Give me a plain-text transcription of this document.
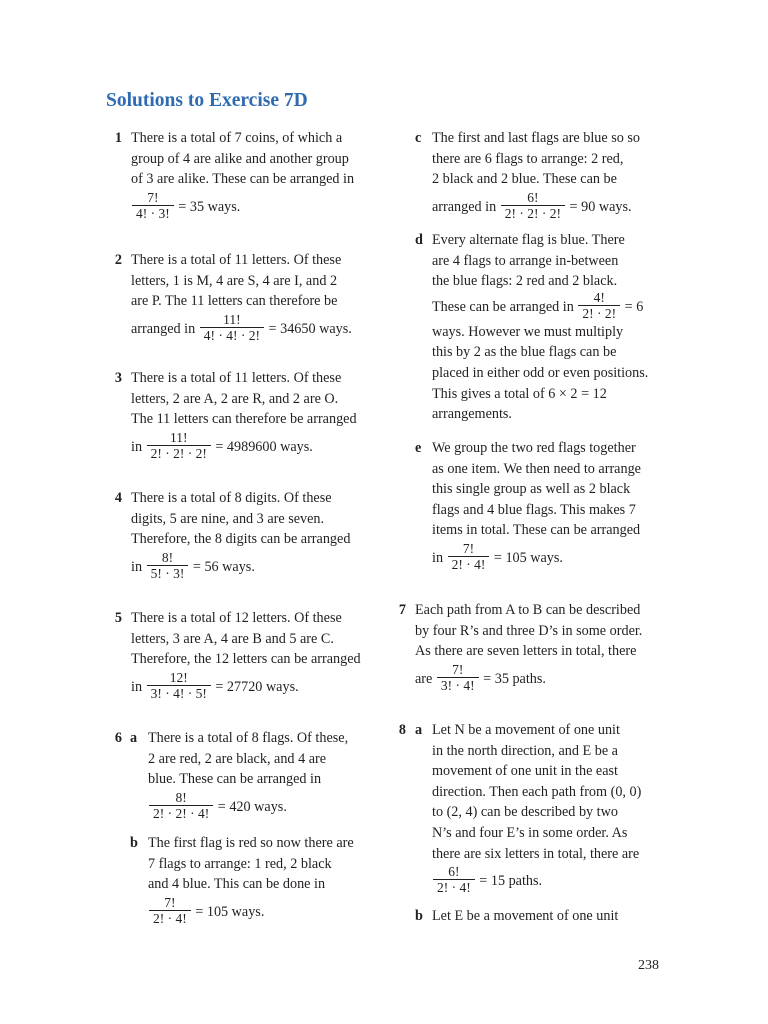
Solutions to Exercise 7D
1 There is a total of 7 coins, of which a
group of 4 are alike and another group
of 3 are alike. These can be arranged in
$\frac{7!}{4! \cdot 3!} = 35$ ways.
2 There is a total of 11 letters. Of these
letters, 1 is M, 4 are S, 4 are I, and 2
are P. The 11 letters can therefore be
arranged in $\frac{11!}{4! \cdot 4! \cdot 2!} = 34650$ ways.
3 There is a total of 11 letters. Of these
letters, 2 are A, 2 are R, and 2 are O.
The 11 letters can therefore be arranged
in $\frac{11!}{2! \cdot 2! \cdot 2!} = 4989600$ ways.
4 There is a total of 8 digits. Of these
digits, 5 are nine, and 3 are seven.
Therefore, the 8 digits can be arranged
in $\frac{8!}{5! \cdot 3!} = 56$ ways.
5 There is a total of 12 letters. Of these
letters, 3 are A, 4 are B and 5 are C.
Therefore, the 12 letters can be arranged
in $\frac{12!}{3! \cdot 4! \cdot 5!} = 27720$ ways.
6 a There is a total of 8 flags. Of these,
2 are red, 2 are black, and 4 are
blue. These can be arranged in
$\frac{8!}{2! \cdot 2! \cdot 4!} = 420$ ways.
b The first flag is red so now there are
7 flags to arrange: 1 red, 2 black
and 4 blue. This can be done in
$\frac{7!}{2! \cdot 4!} = 105$ ways.
c The first and last flags are blue so so
there are 6 flags to arrange: 2 red,
2 black and 2 blue. These can be
arranged in $\frac{6!}{2! \cdot 2! \cdot 2!} = 90$ ways.
d Every alternate flag is blue. There
are 4 flags to arrange in-between
the blue flags: 2 red and 2 black.
These can be arranged in $\frac{4!}{2! \cdot 2!} = 6$
ways. However we must multiply
this by 2 as the blue flags can be
placed in either odd or even positions.
This gives a total of 6 × 2 = 12
arrangements.
e We group the two red flags together
as one item. We then need to arrange
this single group as well as 2 black
flags and 4 blue flags. This makes 7
items in total. These can be arranged
in $\frac{7!}{2! \cdot 4!} = 105$ ways.
7 Each path from A to B can be described
by four R’s and three D’s in some order.
As there are seven letters in total, there
are $\frac{7!}{3! \cdot 4!} = 35$ paths.
8 a Let N be a movement of one unit
in the north direction, and E be a
movement of one unit in the east
direction. Then each path from (0, 0)
to (2, 4) can be described by two
N’s and four E’s in some order. As
there are six letters in total, there are
$\frac{6!}{2! \cdot 4!} = 15$ paths.
b Let E be a movement of one unit
238
